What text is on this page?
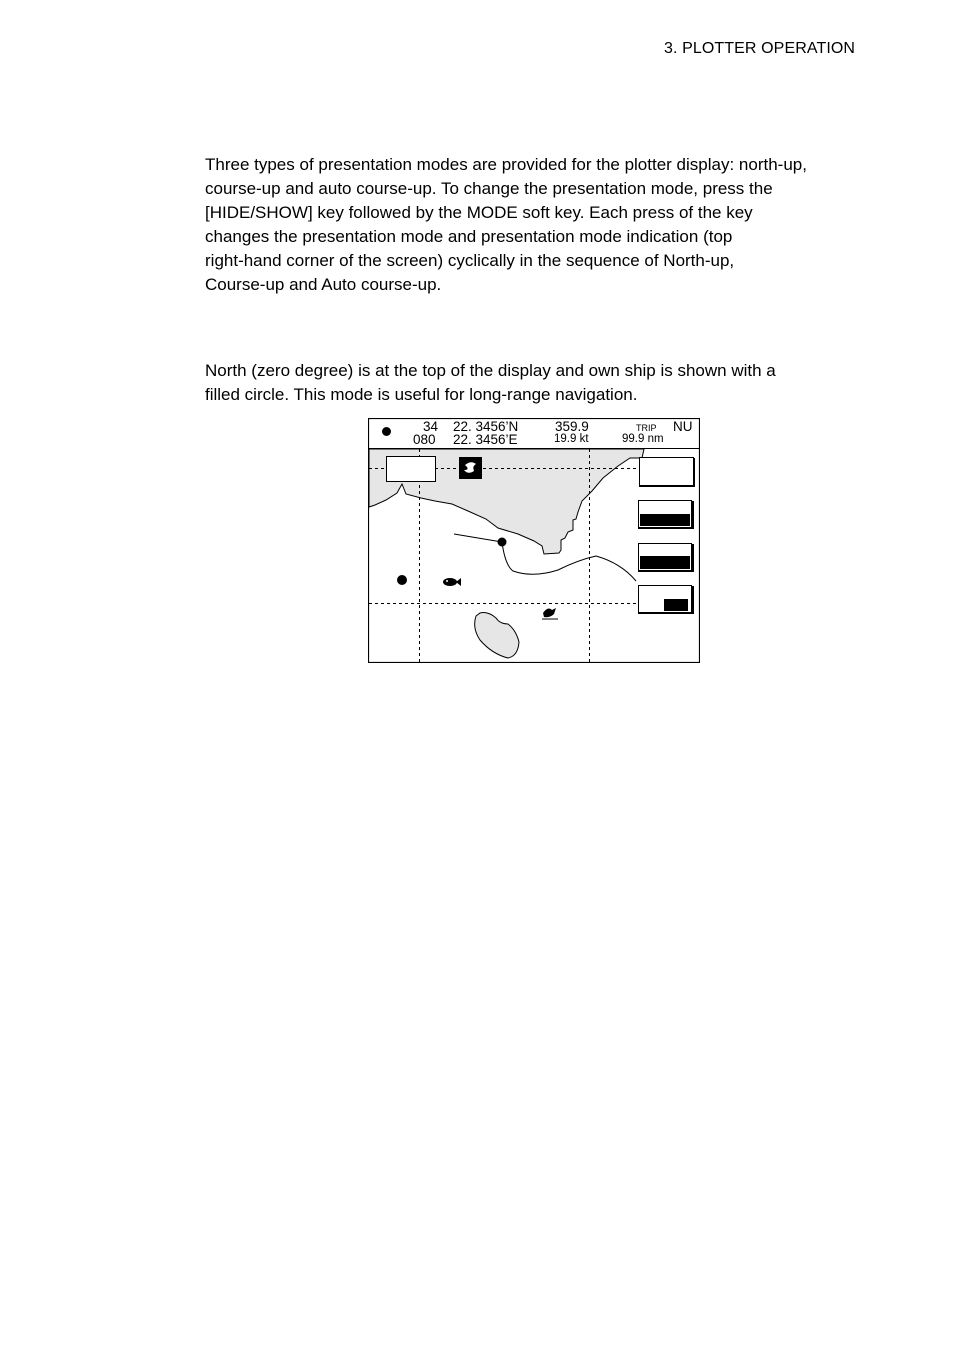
3. PLOTTER OPERATION
Three types of presentation modes are provided for the plotter display: north-up,
course-up and auto course-up. To change the presentation mode, press the
[HIDE/SHOW] key followed by the MODE soft key. Each press of the key
changes the presentation mode and presentation mode indication (top
right-hand corner of the screen) cyclically in the sequence of North-up,
Course-up and Auto course-up.
North (zero degree) is at the top of the display and own ship is shown with a
filled circle. This mode is useful for long-range navigation.
34 22. 3456’N
080 22. 3456’E
359.9
19.9 kt
TRIP
99.9 nm
NU
